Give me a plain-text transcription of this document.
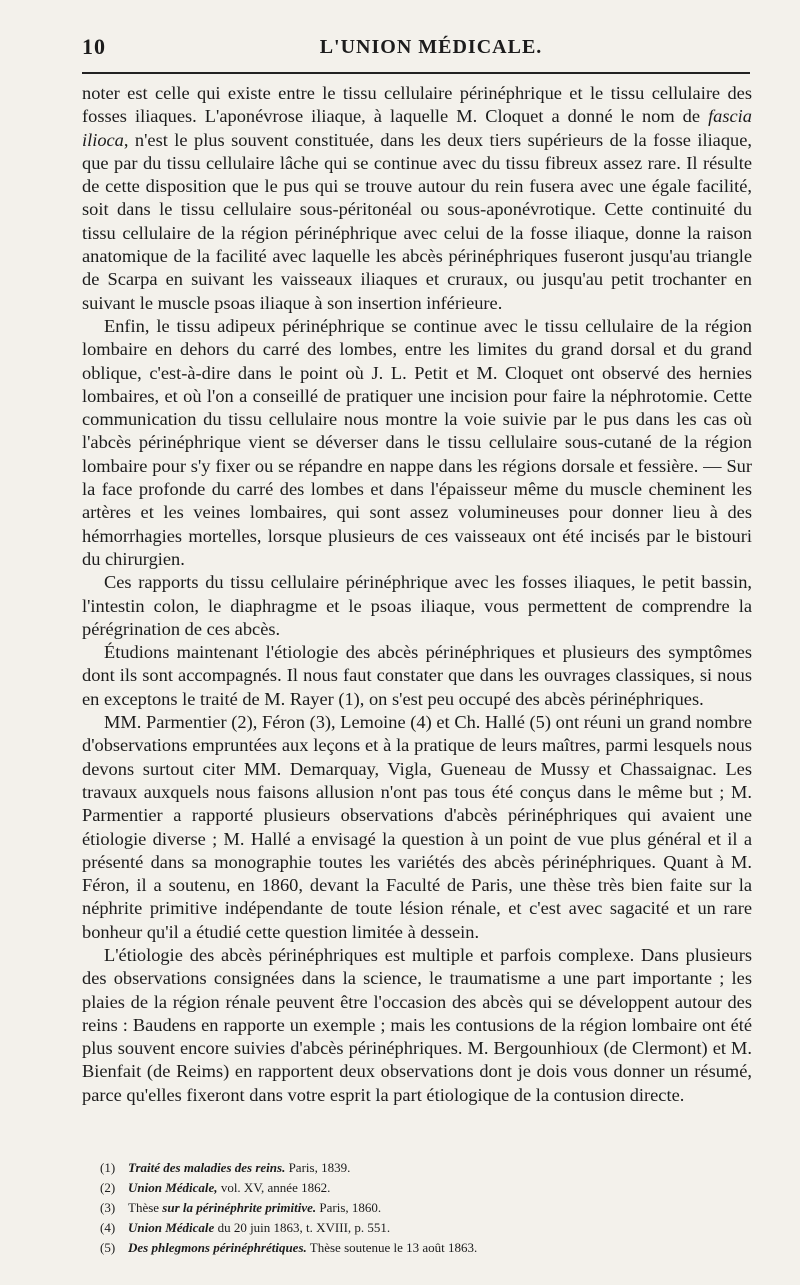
10	L'UNION MÉDICALE.

noter est celle qui existe entre le tissu cellulaire périnéphrique et le tissu cellulaire des fosses iliaques. L'aponévrose iliaque, à laquelle M. Cloquet a donné le nom de fascia ilioca, n'est le plus souvent constituée, dans les deux tiers supérieurs de la fosse iliaque, que par du tissu cellulaire lâche qui se continue avec du tissu fibreux assez rare. Il résulte de cette disposition que le pus qui se trouve autour du rein fusera avec une égale facilité, soit dans le tissu cellulaire sous-péritonéal ou sous-aponévrotique. Cette continuité du tissu cellulaire de la région périnéphrique avec celui de la fosse iliaque, donne la raison anatomique de la facilité avec laquelle les abcès périnéphriques fuseront jusqu'au triangle de Scarpa en suivant les vaisseaux iliaques et cruraux, ou jusqu'au petit trochanter en suivant le muscle psoas iliaque à son insertion inférieure.

Enfin, le tissu adipeux périnéphrique se continue avec le tissu cellulaire de la région lombaire en dehors du carré des lombes, entre les limites du grand dorsal et du grand oblique, c'est-à-dire dans le point où J. L. Petit et M. Cloquet ont observé des hernies lombaires, et où l'on a conseillé de pratiquer une incision pour faire la néphrotomie. Cette communication du tissu cellulaire nous montre la voie suivie par le pus dans les cas où l'abcès périnéphrique vient se déverser dans le tissu cellulaire sous-cutané de la région lombaire pour s'y fixer ou se répandre en nappe dans les régions dorsale et fessière. — Sur la face profonde du carré des lombes et dans l'épaisseur même du muscle cheminent les artères et les veines lombaires, qui sont assez volumineuses pour donner lieu à des hémorrhagies mortelles, lorsque plusieurs de ces vaisseaux ont été incisés par le bistouri du chirurgien.

Ces rapports du tissu cellulaire périnéphrique avec les fosses iliaques, le petit bassin, l'intestin colon, le diaphragme et le psoas iliaque, vous permettent de comprendre la pérégrination de ces abcès.

Étudions maintenant l'étiologie des abcès périnéphriques et plusieurs des symptômes dont ils sont accompagnés. Il nous faut constater que dans les ouvrages classiques, si nous en exceptons le traité de M. Rayer (1), on s'est peu occupé des abcès périnéphriques.

MM. Parmentier (2), Féron (3), Lemoine (4) et Ch. Hallé (5) ont réuni un grand nombre d'observations empruntées aux leçons et à la pratique de leurs maîtres, parmi lesquels nous devons surtout citer MM. Demarquay, Vigla, Gueneau de Mussy et Chassaignac. Les travaux auxquels nous faisons allusion n'ont pas tous été conçus dans le même but ; M. Parmentier a rapporté plusieurs observations d'abcès périnéphriques qui avaient une étiologie diverse ; M. Hallé a envisagé la question à un point de vue plus général et il a présenté dans sa monographie toutes les variétés des abcès périnéphriques. Quant à M. Féron, il a soutenu, en 1860, devant la Faculté de Paris, une thèse très bien faite sur la néphrite primitive indépendante de toute lésion rénale, et c'est avec sagacité et un rare bonheur qu'il a étudié cette question limitée à dessein.

L'étiologie des abcès périnéphriques est multiple et parfois complexe. Dans plusieurs des observations consignées dans la science, le traumatisme a une part importante ; les plaies de la région rénale peuvent être l'occasion des abcès qui se développent autour des reins : Baudens en rapporte un exemple ; mais les contusions de la région lombaire ont été plus souvent encore suivies d'abcès périnéphriques. M. Bergounhioux (de Clermont) et M. Bienfait (de Reims) en rapportent deux observations dont je dois vous donner un résumé, parce qu'elles fixeront dans votre esprit la part étiologique de la contusion directe.

(1) Traité des maladies des reins. Paris, 1839.
(2) Union Médicale, vol. XV, année 1862.
(3) Thèse sur la périnéphrite primitive. Paris, 1860.
(4) Union Médicale du 20 juin 1863, t. XVIII, p. 551.
(5) Des phlegmons périnéphrétiques. Thèse soutenue le 13 août 1863.
